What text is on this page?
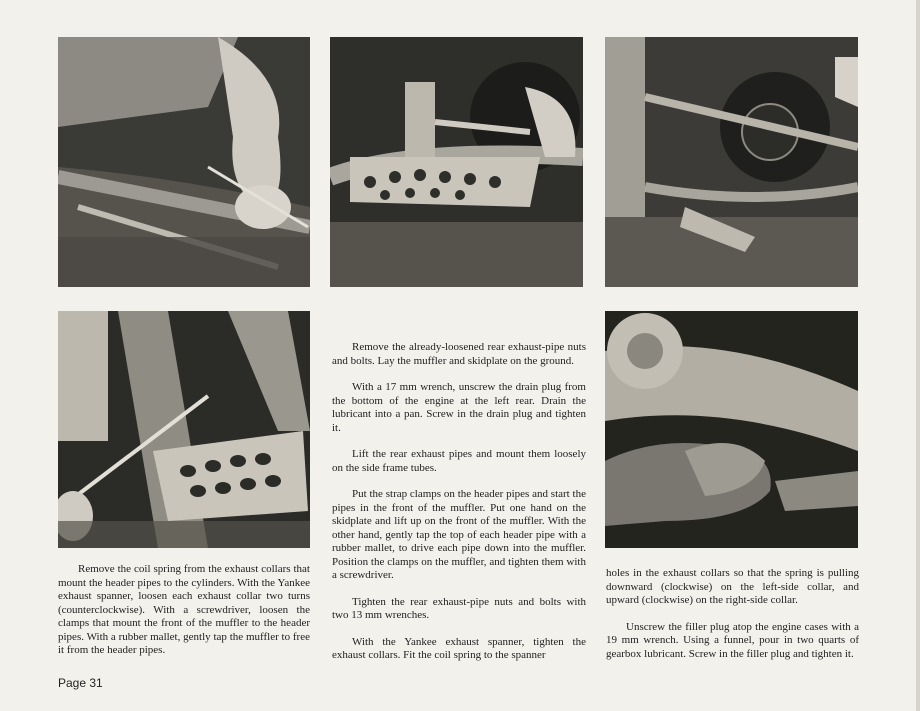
Remove the coil spring from the exhaust collars that mount the header pipes to the cylinders. With the Yankee exhaust spanner, loosen each exhaust collar two turns (counterclockwise). With a screwdriver, loosen the clamps that mount the front of the muffler to the header pipes. With a rubber mallet, gently tap the muffler to free it from the header pipes.

Remove the already-loosened rear exhaust-pipe nuts and bolts. Lay the muffler and skidplate on the ground.

With a 17 mm wrench, unscrew the drain plug from the bottom of the engine at the left rear. Drain the lubricant into a pan. Screw in the drain plug and tighten it.

Lift the rear exhaust pipes and mount them loosely on the side frame tubes.

Put the strap clamps on the header pipes and start the pipes in the front of the muffler. Put one hand on the skidplate and lift up on the front of the muffler. With the other hand, gently tap the top of each header pipe with a rubber mallet, to drive each pipe down into the muffler. Position the clamps on the muffler, and tighten them with a screwdriver.

Tighten the rear exhaust-pipe nuts and bolts with two 13 mm wrenches.

With the Yankee exhaust spanner, tighten the exhaust collars. Fit the coil spring to the spanner

holes in the exhaust collars so that the spring is pulling downward (clockwise) on the left-side collar, and upward (clockwise) on the right-side collar.

Unscrew the filler plug atop the engine cases with a 19 mm wrench. Using a funnel, pour in two quarts of gearbox lubricant. Screw in the filler plug and tighten it.

Page 31
